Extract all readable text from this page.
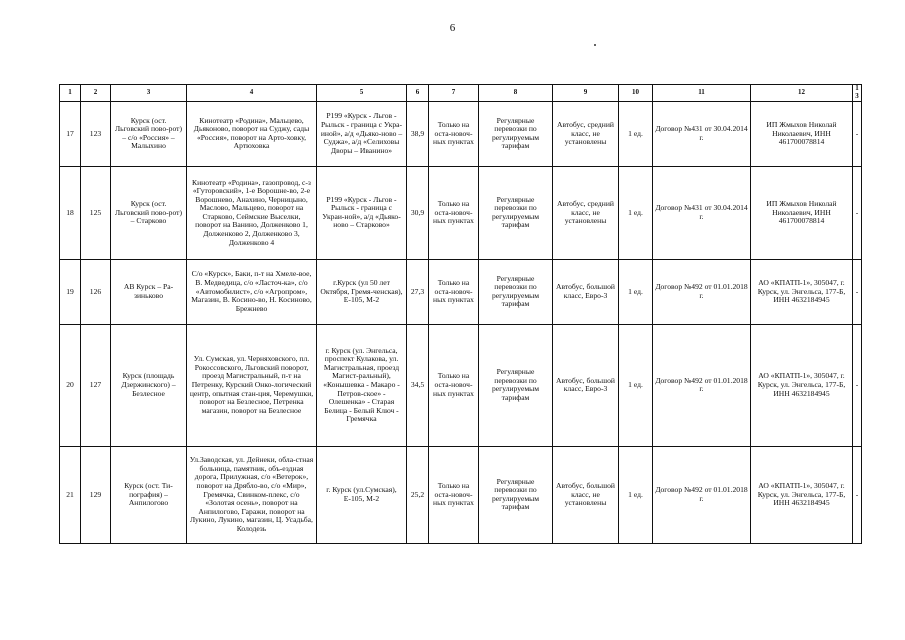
6
1	2	3	4	5	6	7	8	9	10	11	12	13
17	123	Курск (ост. Льговский пово-рот) – с/о «Россия» – Малыхино	Кинотеатр «Родина», Мальцево, Дьяконово, поворот на Суджу, сады «Россия», поворот на Арто-ховку, Артюховка	Р199 «Курск - Льгов - Рыльск - граница с Укра-иной», а/д «Дьяко-ново – Суджа», а/д «Селиховы Дворы – Иванино»	38,9	Только на оста-новоч-ных пунктах	Регулярные перевозки по регулируемым тарифам	Автобус, средний класс, не установлены	1 ед.	Договор №431 от 30.04.2014 г.	ИП Жмыхов Николай Николаевич, ИНН 461700078814	-
18	125	Курск (ост. Льговский пово-рот) – Старково	Кинотеатр «Родина», газопровод, с-з «Гуторовский», 1-е Ворошне-во, 2-е Ворошнево, Анахино, Черницыно, Маслово, Мальцево, поворот на Старково, Сеймские Выселки, поворот на Ванино, Долженково 1, Долженково 2, Долженково 3, Долженково 4	Р199 «Курск - Льгов - Рыльск - граница с Украи-ной», а/д «Дьяко-ново – Старково»	30,9	Только на оста-новоч-ных пунктах	Регулярные перевозки по регулируемым тарифам	Автобус, средний класс, не установлены	1 ед.	Договор №431 от 30.04.2014 г.	ИП Жмыхов Николай Николаевич, ИНН 461700078814	-
19	126	АВ Курск – Ра-зиньково	С/о «Курск», Баки, п-т на Хмеле-вое, В. Медведица, с/о «Ласточ-ка», с/о «Автомобилист», с/о «Агропром», Магазин, В. Косино-во, Н. Косиново, Брежнево	г.Курск (ул 50 лет Октября, Гремя-ченская), Е-105, М-2	27,3	Только на оста-новоч-ных пунктах	Регулярные перевозки по регулируемым тарифам	Автобус, большой класс, Евро-3	1 ед.	Договор №492 от 01.01.2018 г.	АО «КПАТП-1», 305047, г. Курск, ул. Энгельса, 177-Б, ИНН 4632184945	-
20	127	Курск (площадь Дзержинского) – Безлесное	Ул. Сумская, ул. Черняховского, пл. Рокоссовского, Льговский поворот, проезд Магистральный, п-т на Петренку, Курский Онко-логический центр, опытная стан-ция, Черемушки, поворот на Безлесное, Петренка магазин, поворот на Безлесное	г. Курск (ул. Энгельса, проспект Кулакова, ул. Магистральная, проезд Магист-ральный), «Конышевка - Макаро - Петров-ское» - Олешенка» - Старая Белица - Белый Ключ - Гремячка	34,5	Только на оста-новоч-ных пунктах	Регулярные перевозки по регулируемым тарифам	Автобус, большой класс, Евро-3	1 ед.	Договор №492 от 01.01.2018 г.	АО «КПАТП-1», 305047, г. Курск, ул. Энгельса, 177-Б, ИНН 4632184945	-
21	129	Курск (ост. Ти-пография) – Анпилогово	Ул.Заводская, ул. Дейнеки, обла-стная больница, памятник, объ-ездная дорога, Прилужная, с/о «Ветерок», поворот на Дрябло-во, с/о «Мир», Гремячка, Свинком-плекс, с/о «Золотая осень», поворот на Анпилогово, Гаражи, поворот на Лукино, Лукино, магазин, Ц. Усадьба, Колодезь	г. Курск (ул.Сумская), Е-105, М-2	25,2	Только на оста-новоч-ных пунктах	Регулярные перевозки по регулируемым тарифам	Автобус, большой класс, не установлены	1 ед.	Договор №492 от 01.01.2018 г.	АО «КПАТП-1», 305047, г. Курск, ул. Энгельса, 177-Б, ИНН 4632184945	-
